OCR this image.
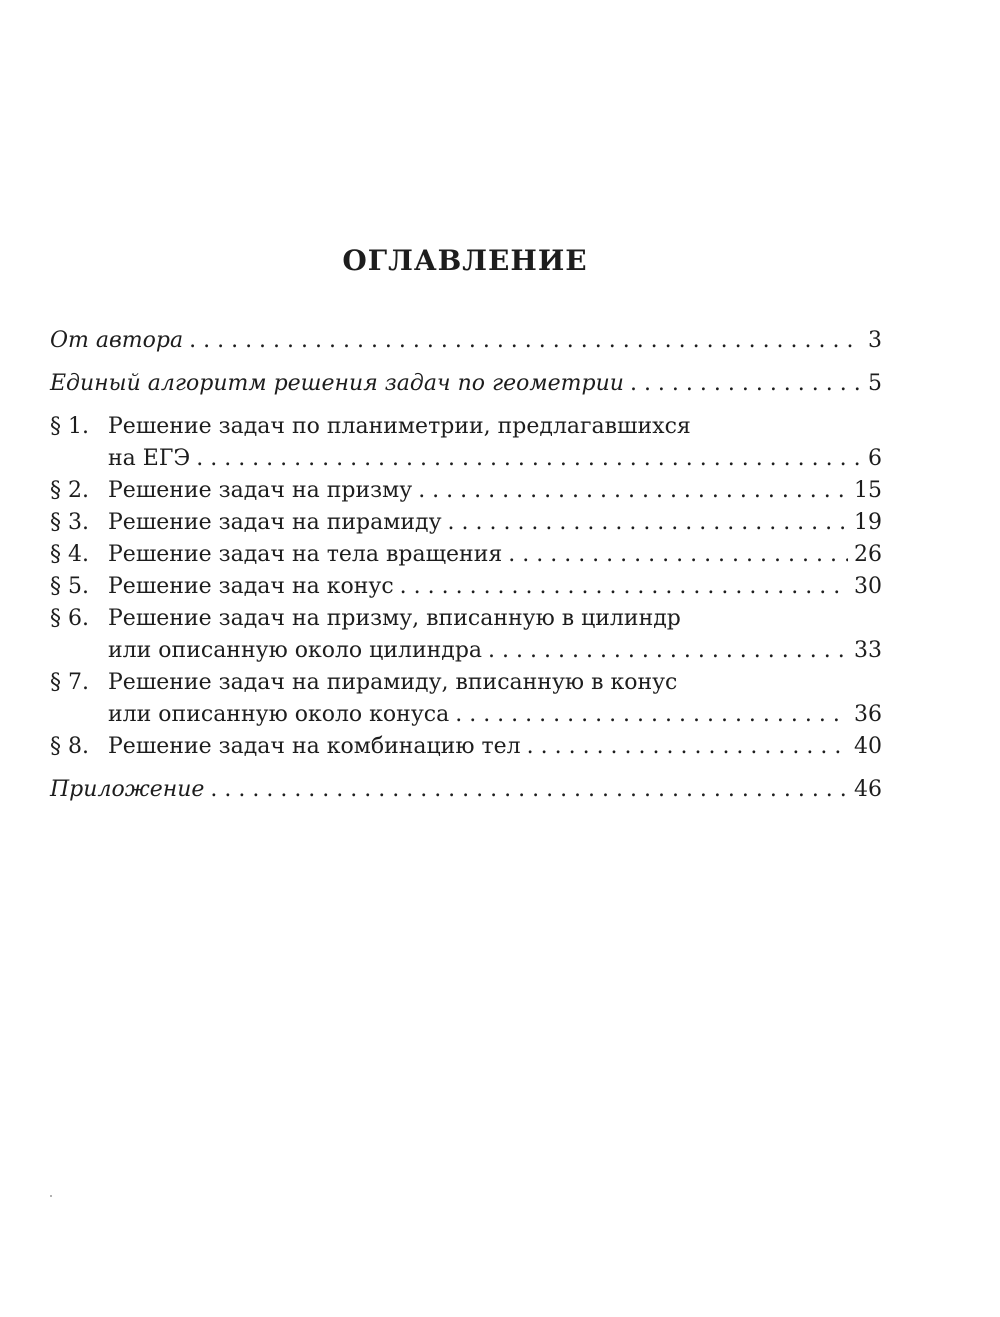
ОГЛАВЛЕНИЕ
От автора . . .	3
Единый алгоритм решения задач по геометрии . . .	5
§ 1. Решение задач по планиметрии, предлагавшихся
на ЕГЭ . . .	6
§ 2. Решение задач на призму . . .	15
§ 3. Решение задач на пирамиду . . .	19
§ 4. Решение задач на тела вращения . . .	26
§ 5. Решение задач на конус . . .	30
§ 6. Решение задач на призму, вписанную в цилиндр
или описанную около цилиндра . . .	33
§ 7. Решение задач на пирамиду, вписанную в конус
или описанную около конуса . . .	36
§ 8. Решение задач на комбинацию тел . . .	40
Приложение . . .	46
